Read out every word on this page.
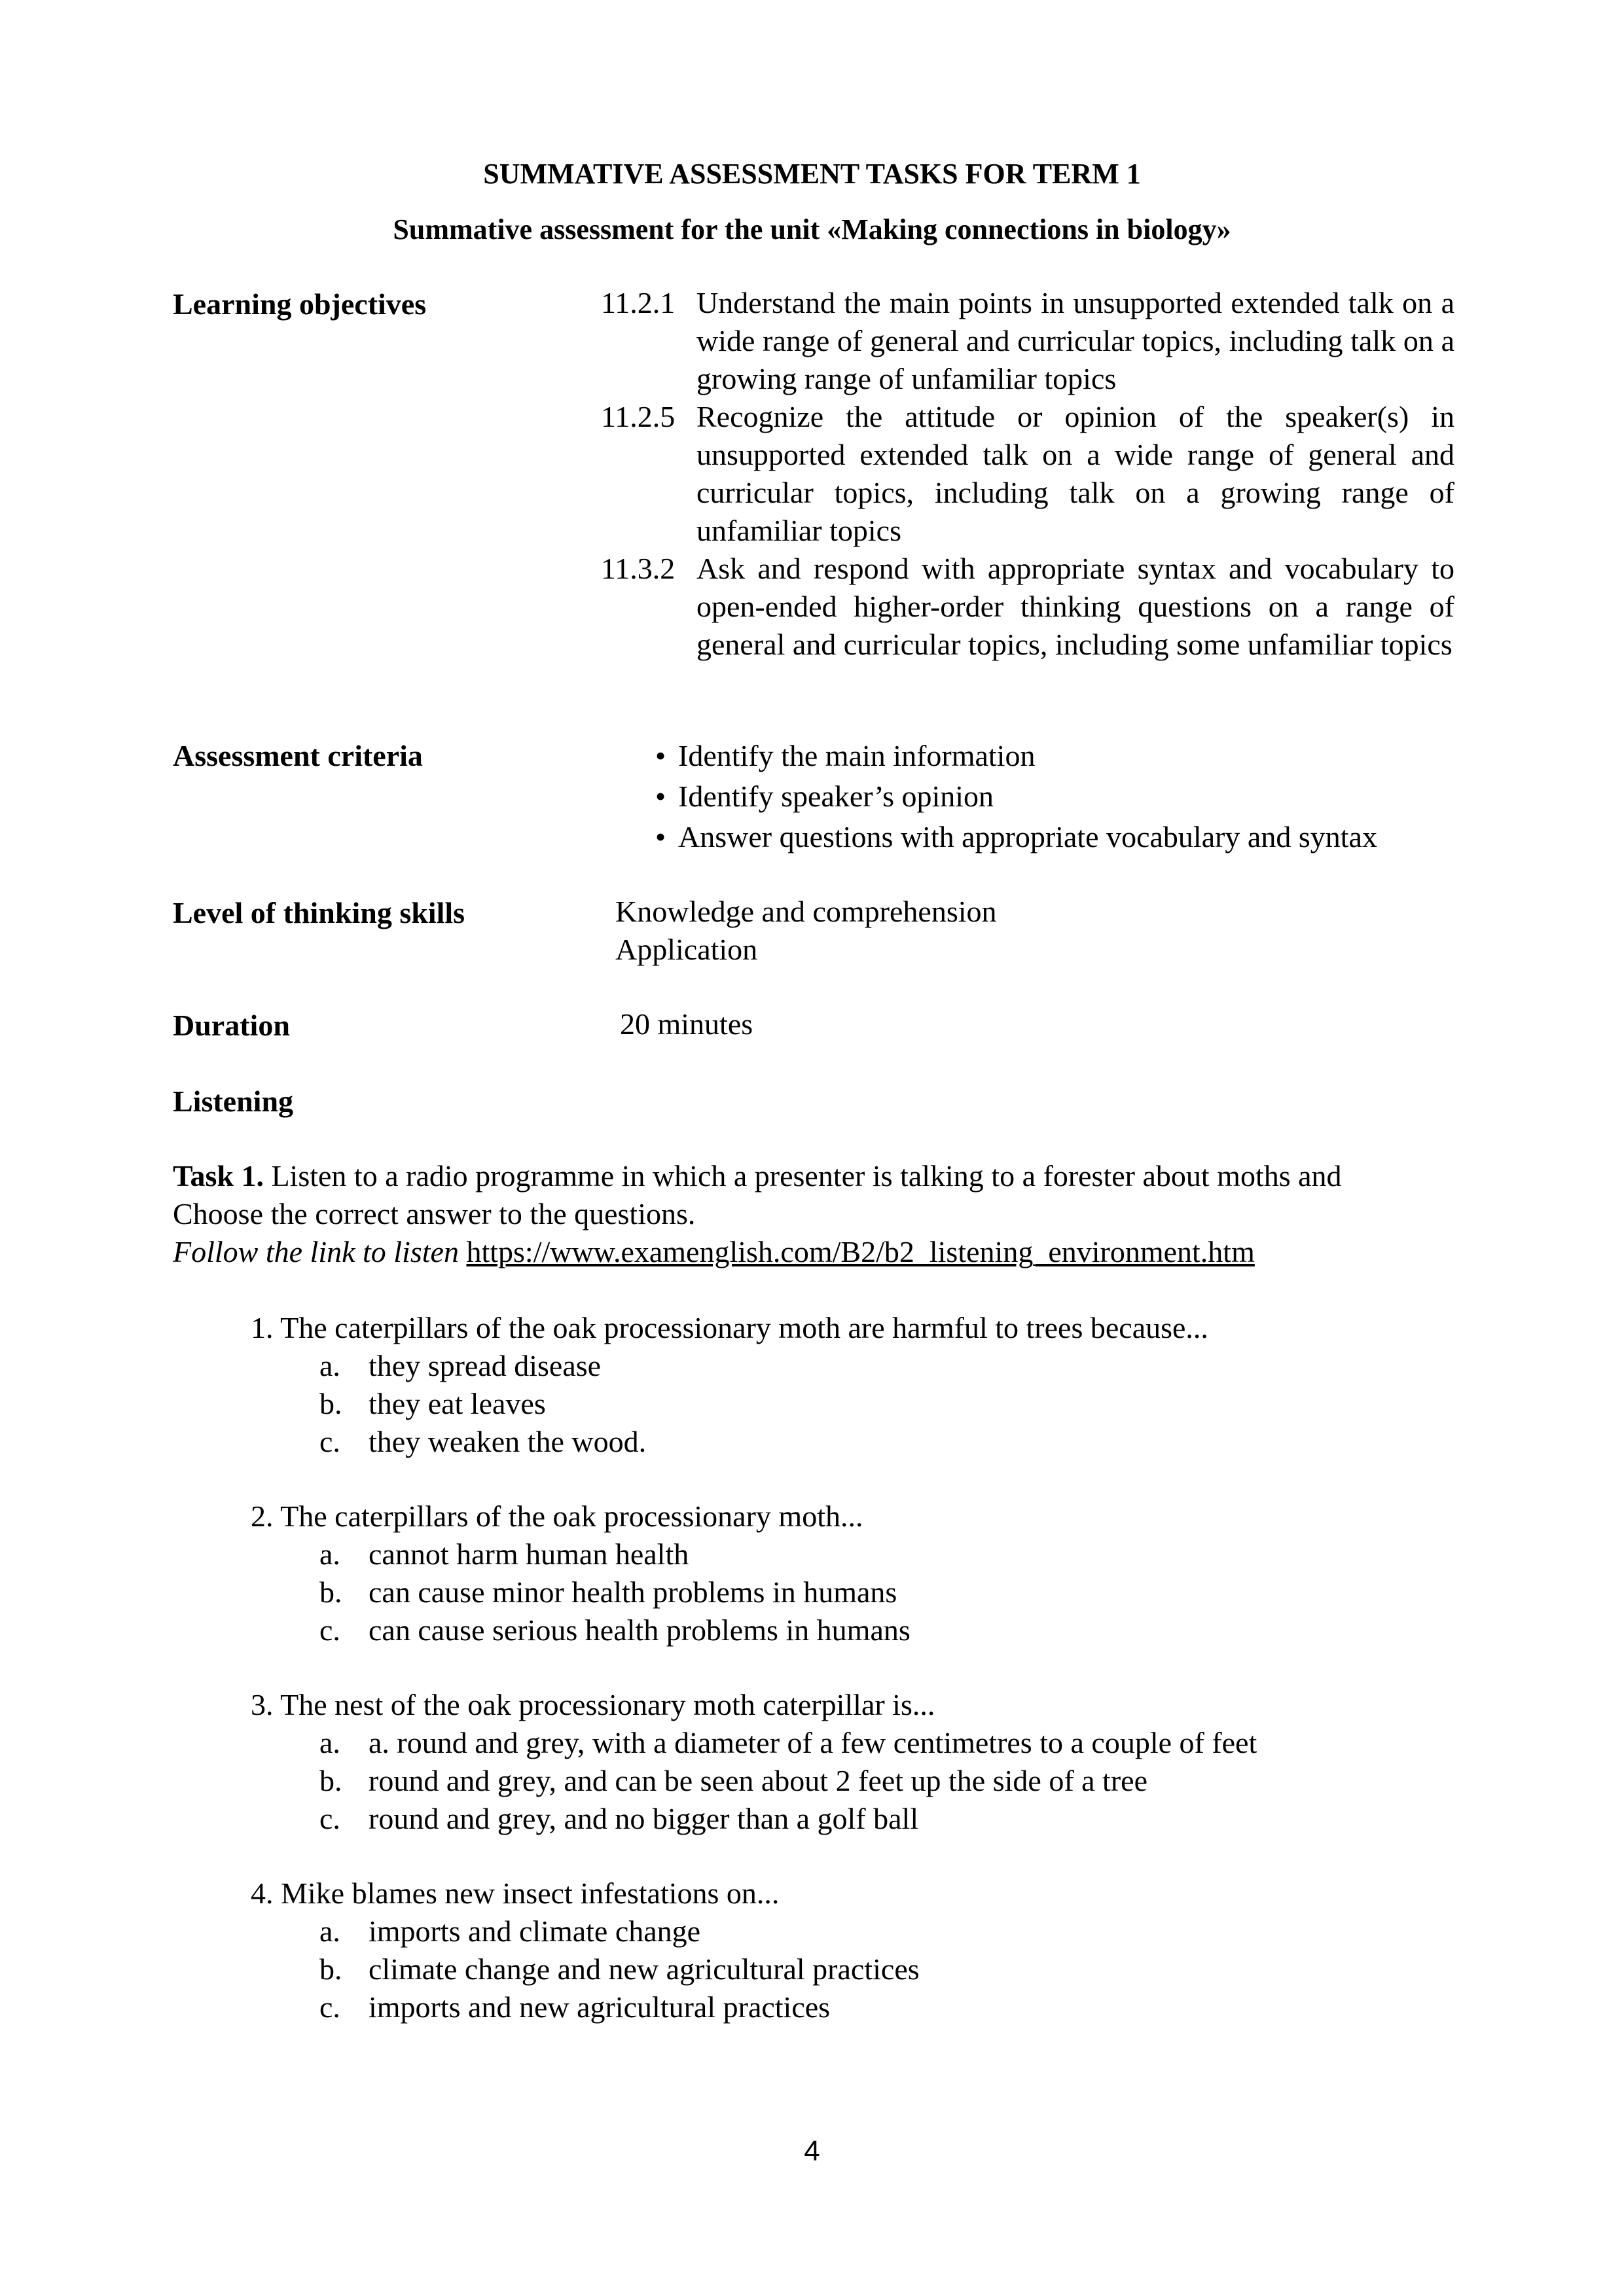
SUMMATIVE ASSESSMENT TASKS FOR TERM 1
Summative assessment for the unit «Making connections in biology»
Learning objectives	11.2.1 Understand the main points in unsupported extended talk on a wide range of general and curricular topics, including talk on a growing range of unfamiliar topics
11.2.5 Recognize the attitude or opinion of the speaker(s) in unsupported extended talk on a wide range of general and curricular topics, including talk on a growing range of unfamiliar topics
11.3.2 Ask and respond with appropriate syntax and vocabulary to open-ended higher-order thinking questions on a range of general and curricular topics, including some unfamiliar topics
Assessment criteria	• Identify the main information
• Identify speaker’s opinion
• Answer questions with appropriate vocabulary and syntax
Level of thinking skills	Knowledge and comprehension
Application
Duration	20 minutes
Listening
Task 1. Listen to a radio programme in which a presenter is talking to a forester about moths and
Choose the correct answer to the questions.
Follow the link to listen https://www.examenglish.com/B2/b2_listening_environment.htm
1. The caterpillars of the oak processionary moth are harmful to trees because...
a. they spread disease
b. they eat leaves
c. they weaken the wood.
2. The caterpillars of the oak processionary moth...
a. cannot harm human health
b. can cause minor health problems in humans
c. can cause serious health problems in humans
3. The nest of the oak processionary moth caterpillar is...
a. a. round and grey, with a diameter of a few centimetres to a couple of feet
b. round and grey, and can be seen about 2 feet up the side of a tree
c. round and grey, and no bigger than a golf ball
4. Mike blames new insect infestations on...
a. imports and climate change
b. climate change and new agricultural practices
c. imports and new agricultural practices
4
